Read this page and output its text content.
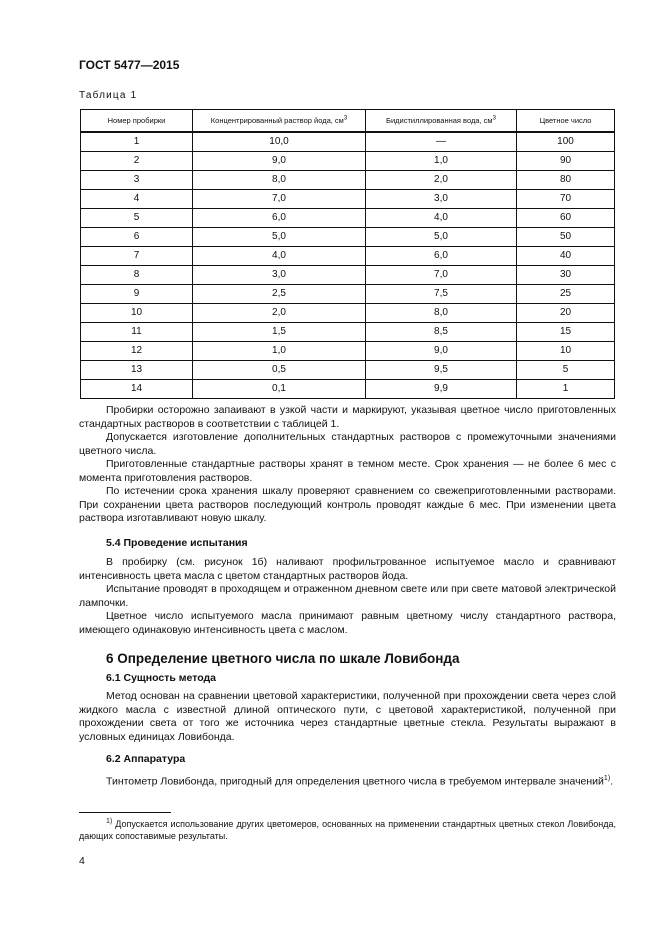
ГОСТ 5477—2015
Таблица 1
Номер пробирки	Концентрированный раствор йода, $см^3$	Бидистиллированная вода, $см^3$	Цветное число
1	10,0	—	100
2	9,0	1,0	90
3	8,0	2,0	80
4	7,0	3,0	70
5	6,0	4,0	60
6	5,0	5,0	50
7	4,0	6,0	40
8	3,0	7,0	30
9	2,5	7,5	25
10	2,0	8,0	20
11	1,5	8,5	15
12	1,0	9,0	10
13	0,5	9,5	5
14	0,1	9,9	1

Пробирки осторожно запаивают в узкой части и маркируют, указывая цветное число приготовленных стандартных растворов в соответствии с таблицей 1.

Допускается изготовление дополнительных стандартных растворов с промежуточными значениями цветного числа.

Приготовленные стандартные растворы хранят в темном месте. Срок хранения — не более 6 мес с момента приготовления растворов.

По истечении срока хранения шкалу проверяют сравнением со свежеприготовленными растворами. При сохранении цвета растворов последующий контроль проводят каждые 6 мес. При изменении цвета раствора изготавливают новую шкалу.

5.4 Проведение испытания

В пробирку (см. рисунок 1б) наливают профильтрованное испытуемое масло и сравнивают интенсивность цвета масла с цветом стандартных растворов йода.

Испытание проводят в проходящем и отраженном дневном свете или при свете матовой электрической лампочки.

Цветное число испытуемого масла принимают равным цветному числу стандартного раствора, имеющего одинаковую интенсивность цвета с маслом.

6 Определение цветного числа по шкале Ловибонда
6.1 Сущность метода

Метод основан на сравнении цветовой характеристики, полученной при прохождении света через слой жидкого масла с известной длиной оптического пути, с цветовой характеристикой, полученной при прохождении света от того же источника через стандартные цветные стекла. Результаты выражают в условных единицах Ловибонда.

6.2 Аппаратура

Тинтометр Ловибонда, пригодный для определения цветного числа в требуемом интервале значений$^{1)}$.

$^{1)}$ Допускается использование других цветомеров, основанных на применении стандартных цветных стекол Ловибонда, дающих сопоставимые результаты.

4
